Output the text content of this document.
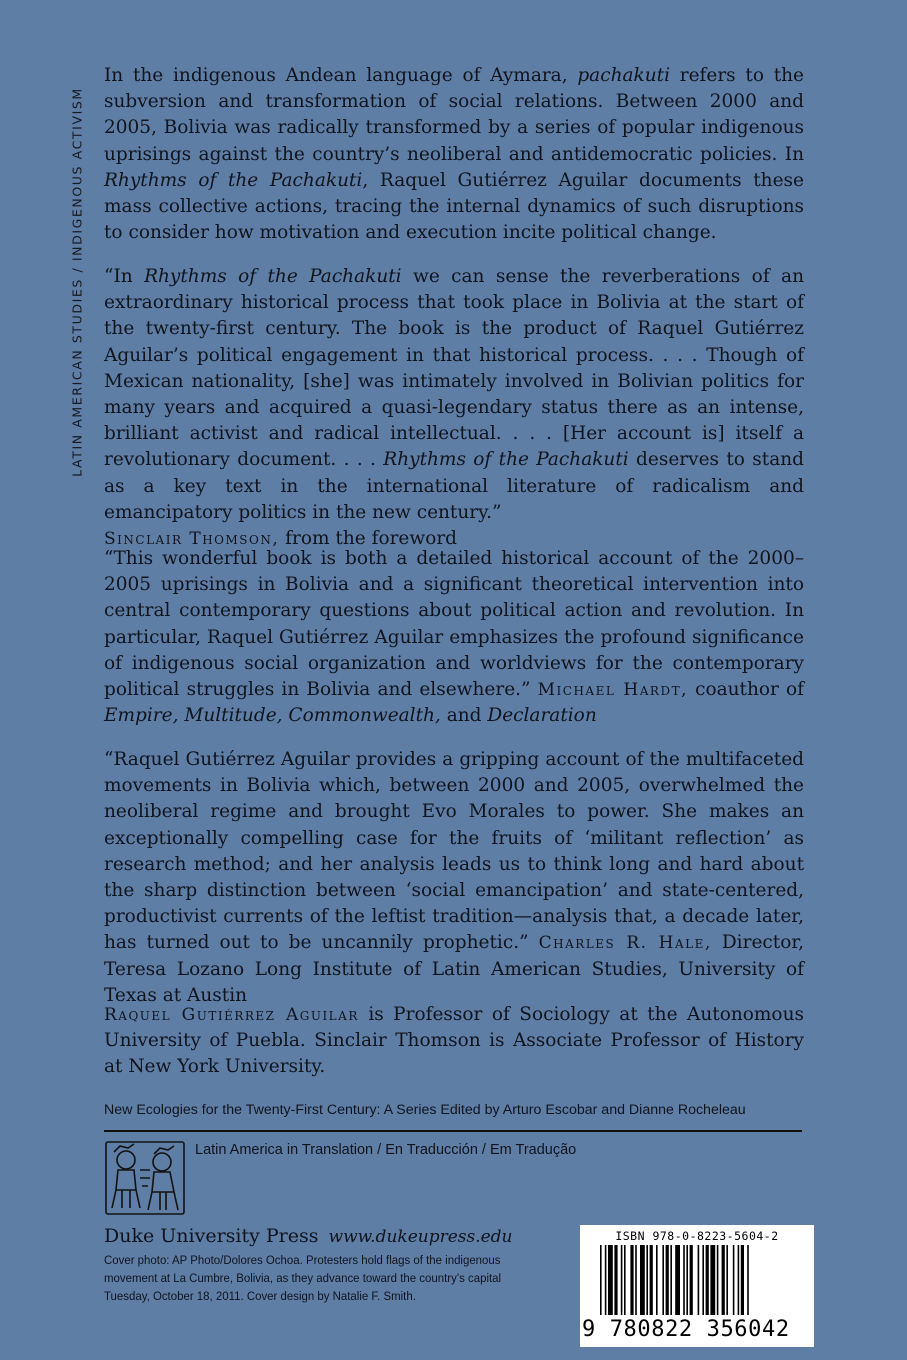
LATIN AMERICAN STUDIES / INDIGENOUS ACTIVISM

In the indigenous Andean language of Aymara, pachakuti refers to the subversion and transformation of social relations. Between 2000 and 2005, Bolivia was radically transformed by a series of popular indigenous uprisings against the country’s neoliberal and antidemocratic policies. In Rhythms of the Pachakuti, Raquel Gutiérrez Aguilar documents these mass collective actions, tracing the internal dynamics of such disruptions to consider how motivation and execution incite political change.

“In Rhythms of the Pachakuti we can sense the reverberations of an extraordinary historical process that took place in Bolivia at the start of the twenty-first century. The book is the product of Raquel Gutiérrez Aguilar’s political engagement in that historical process. . . . Though of Mexican nationality, [she] was intimately involved in Bolivian politics for many years and acquired a quasi-legendary status there as an intense, brilliant activist and radical intellectual. . . . [Her account is] itself a revolutionary document. . . . Rhythms of the Pachakuti deserves to stand as a key text in the international literature of radicalism and emancipatory politics in the new century.”
Sinclair Thomson, from the foreword

“This wonderful book is both a detailed historical account of the 2000–2005 uprisings in Bolivia and a significant theoretical intervention into central contemporary questions about political action and revolution. In particular, Raquel Gutiérrez Aguilar emphasizes the profound significance of indigenous social organization and worldviews for the contemporary political struggles in Bolivia and elsewhere.” Michael Hardt, coauthor of Empire, Multitude, Commonwealth, and Declaration

“Raquel Gutiérrez Aguilar provides a gripping account of the multifaceted movements in Bolivia which, between 2000 and 2005, overwhelmed the neoliberal regime and brought Evo Morales to power. She makes an exceptionally compelling case for the fruits of ‘militant reflection’ as research method; and her analysis leads us to think long and hard about the sharp distinction between ‘social emancipation’ and state-centered, productivist currents of the leftist tradition—analysis that, a decade later, has turned out to be uncannily prophetic.” Charles R. Hale, Director, Teresa Lozano Long Institute of Latin American Studies, University of Texas at Austin

Raquel Gutiérrez Aguilar is Professor of Sociology at the Autonomous University of Puebla. Sinclair Thomson is Associate Professor of History at New York University.

New Ecologies for the Twenty-First Century: A Series Edited by Arturo Escobar and Dianne Rocheleau
Latin America in Translation / En Traducción / Em Tradução
Duke University Press www.dukeupress.edu
Cover photo: AP Photo/Dolores Ochoa. Protesters hold flags of the indigenous movement at La Cumbre, Bolivia, as they advance toward the country’s capital Tuesday, October 18, 2011. Cover design by Natalie F. Smith.
ISBN 978-0-8223-5604-2
9 780822 356042
